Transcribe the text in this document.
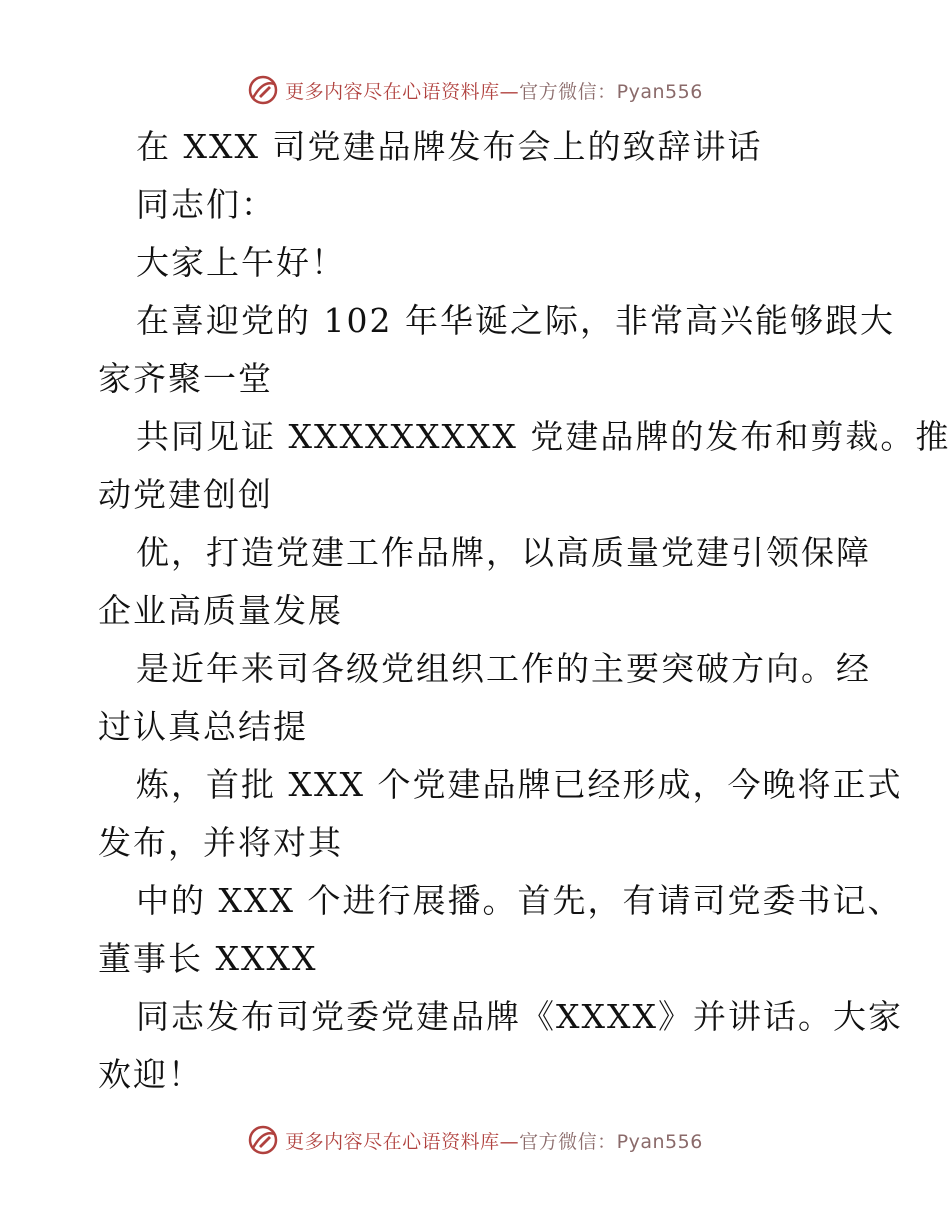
更多内容尽在心语资料库—官方微信：Pyan556
在 XXX 司党建品牌发布会上的致辞讲话
同志们：
大家上午好！
在喜迎党的 102 年华诞之际，非常高兴能够跟大
家齐聚一堂
共同见证 XXXXXXXXX 党建品牌的发布和剪裁。推
动党建创创
优，打造党建工作品牌，以高质量党建引领保障
企业高质量发展
是近年来司各级党组织工作的主要突破方向。经
过认真总结提
炼，首批 XXX 个党建品牌已经形成，今晚将正式
发布，并将对其
中的 XXX 个进行展播。首先，有请司党委书记、
董事长 XXXX
同志发布司党委党建品牌《XXXX》并讲话。大家
欢迎！
更多内容尽在心语资料库—官方微信：Pyan556
